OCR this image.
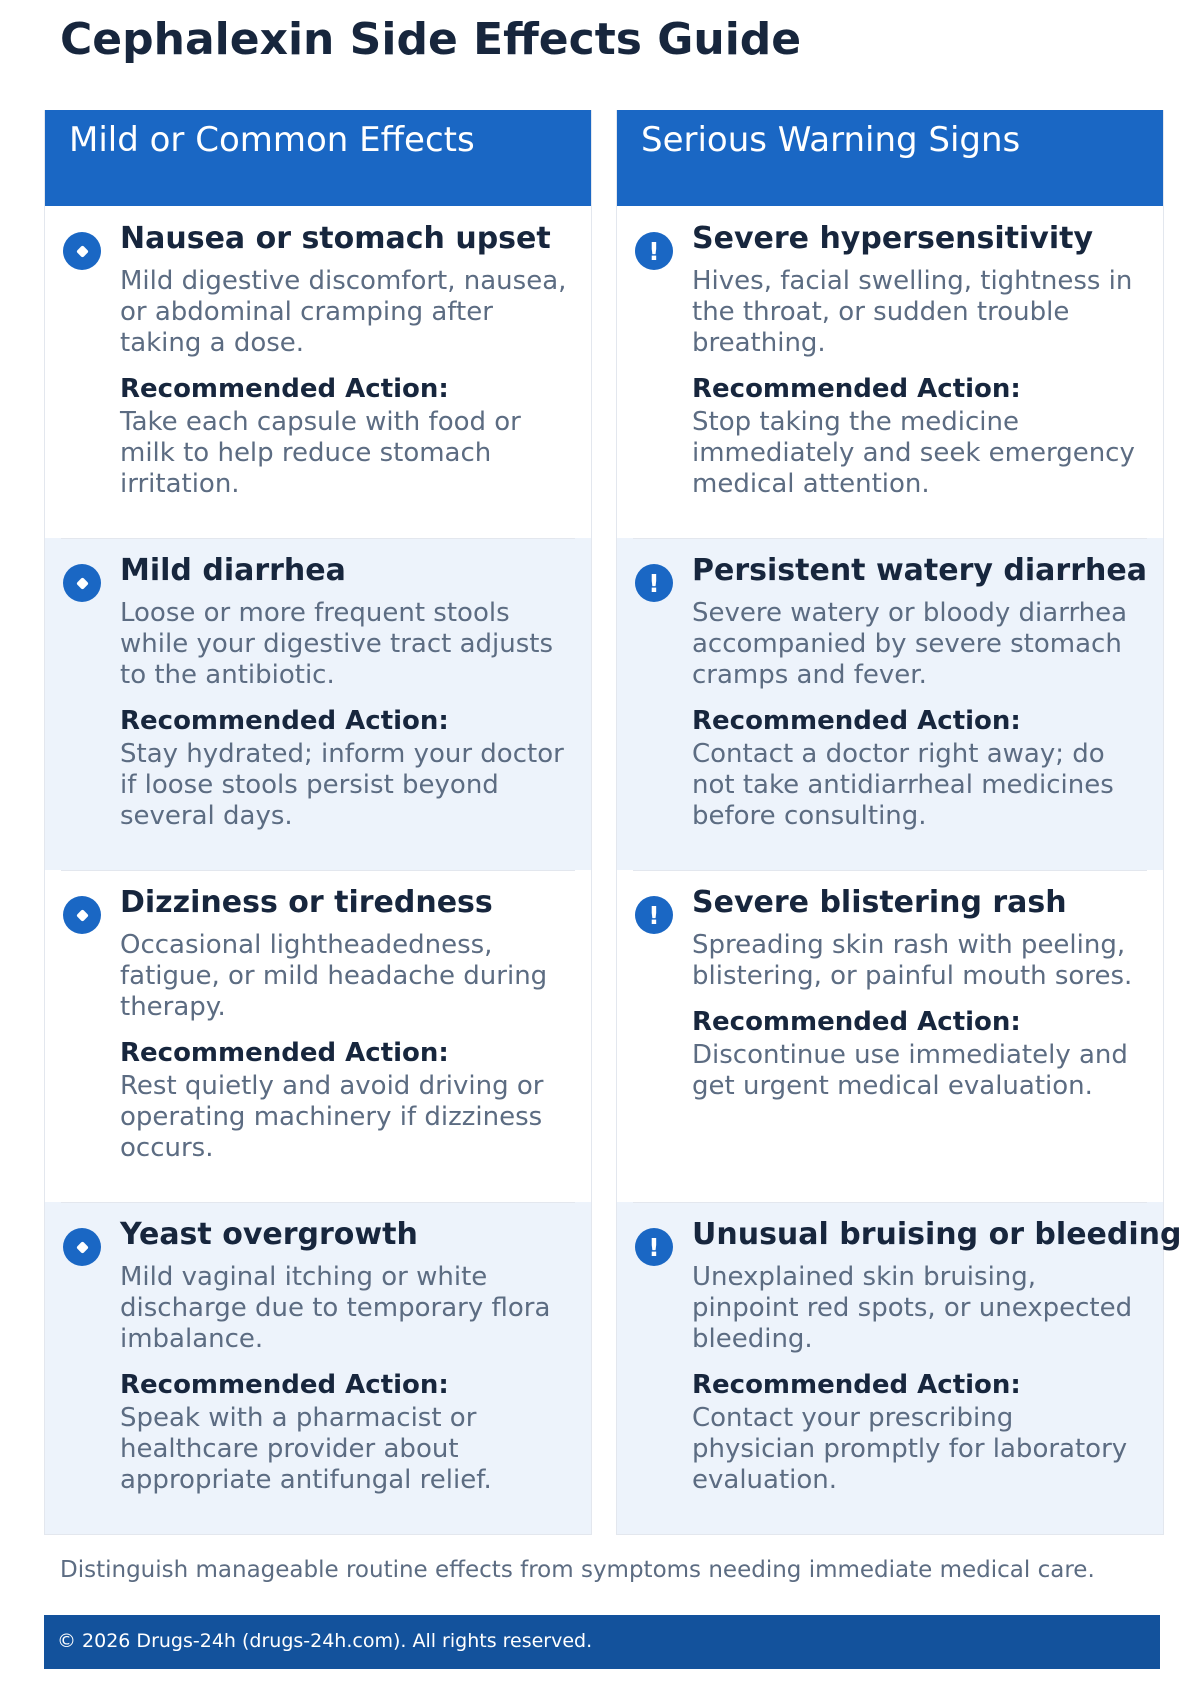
Cephalexin Side Effects Guide
Mild or Common Effects
Nausea or stomach upset

Mild digestive discomfort, nausea, or abdominal cramping after taking a dose.

Recommended Action:

Take each capsule with food or milk to help reduce stomach irritation.

Mild diarrhea

Loose or more frequent stools while your digestive tract adjusts to the antibiotic.

Recommended Action:

Stay hydrated; inform your doctor if loose stools persist beyond several days.

Dizziness or tiredness

Occasional lightheadedness, fatigue, or mild headache during therapy.

Recommended Action:

Rest quietly and avoid driving or operating machinery if dizziness occurs.

Yeast overgrowth

Mild vaginal itching or white discharge due to temporary flora imbalance.

Recommended Action:

Speak with a pharmacist or healthcare provider about appropriate antifungal relief.

Serious Warning Signs
! Severe hypersensitivity

Hives, facial swelling, tightness in the throat, or sudden trouble breathing.

Recommended Action:

Stop taking the medicine immediately and seek emergency medical attention.

! Persistent watery diarrhea

Severe watery or bloody diarrhea accompanied by severe stomach cramps and fever.

Recommended Action:

Contact a doctor right away; do not take antidiarrheal medicines before consulting.

! Severe blistering rash

Spreading skin rash with peeling, blistering, or painful mouth sores.

Recommended Action:

Discontinue use immediately and get urgent medical evaluation.

! Unusual bruising or bleeding

Unexplained skin bruising, pinpoint red spots, or unexpected bleeding.

Recommended Action:

Contact your prescribing physician promptly for laboratory evaluation.

Distinguish manageable routine effects from symptoms needing immediate medical care.

© 2026 Drugs-24h (drugs-24h.com). All rights reserved.
